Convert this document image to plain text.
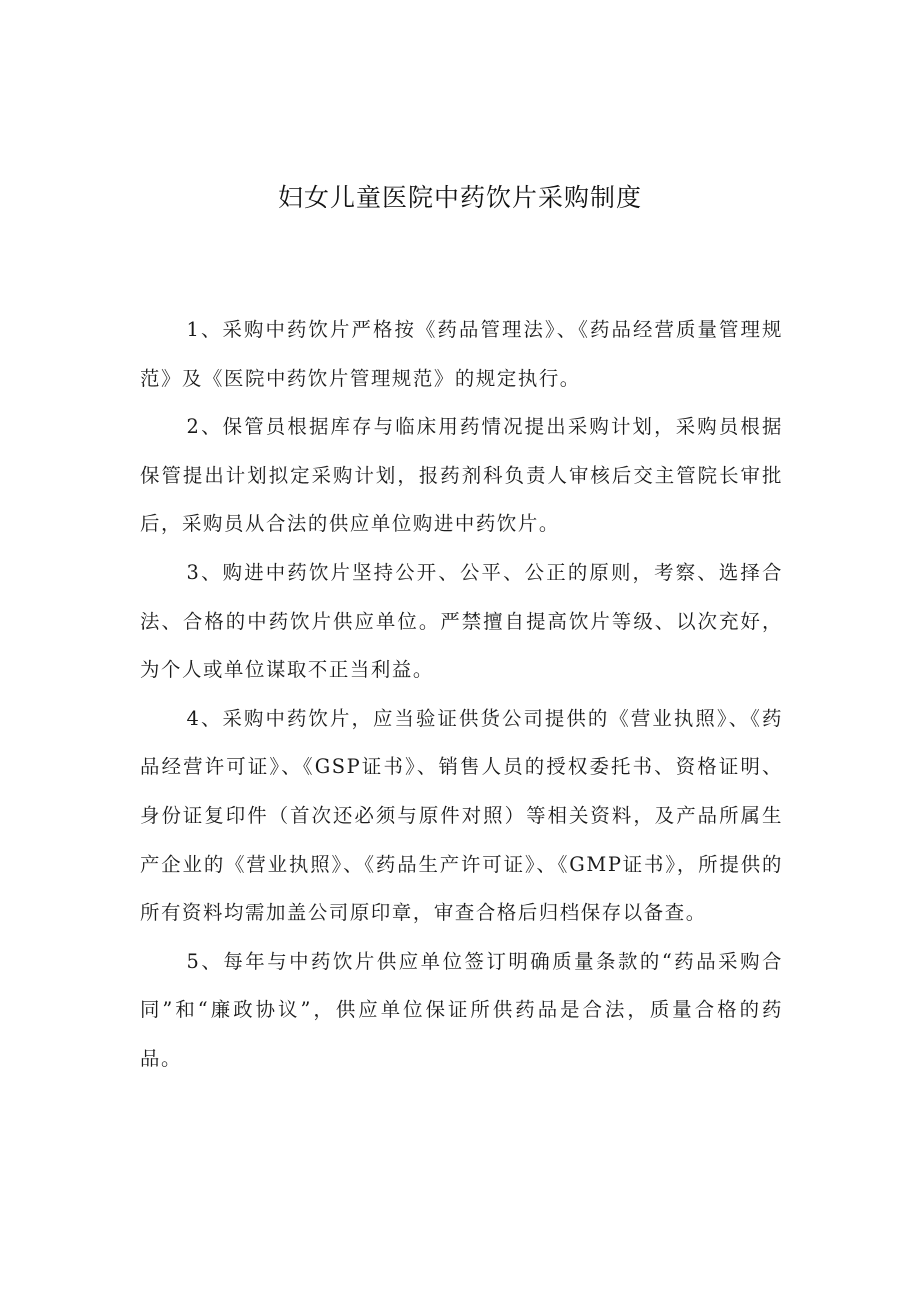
妇女儿童医院中药饮片采购制度

1、采购中药饮片严格按《药品管理法》、《药品经营质量管理规范》及《医院中药饮片管理规范》的规定执行。

2、保管员根据库存与临床用药情况提出采购计划，采购员根据保管提出计划拟定采购计划，报药剂科负责人审核后交主管院长审批后，采购员从合法的供应单位购进中药饮片。

3、购进中药饮片坚持公开、公平、公正的原则，考察、选择合法、合格的中药饮片供应单位。严禁擅自提高饮片等级、以次充好，为个人或单位谋取不正当利益。

4、采购中药饮片，应当验证供货公司提供的《营业执照》、《药品经营许可证》、《GSP证书》、销售人员的授权委托书、资格证明、身份证复印件（首次还必须与原件对照）等相关资料，及产品所属生产企业的《营业执照》、《药品生产许可证》、《GMP证书》，所提供的所有资料均需加盖公司原印章，审查合格后归档保存以备查。

5、每年与中药饮片供应单位签订明确质量条款的“药品采购合同”和“廉政协议”，供应单位保证所供药品是合法，质量合格的药品。
